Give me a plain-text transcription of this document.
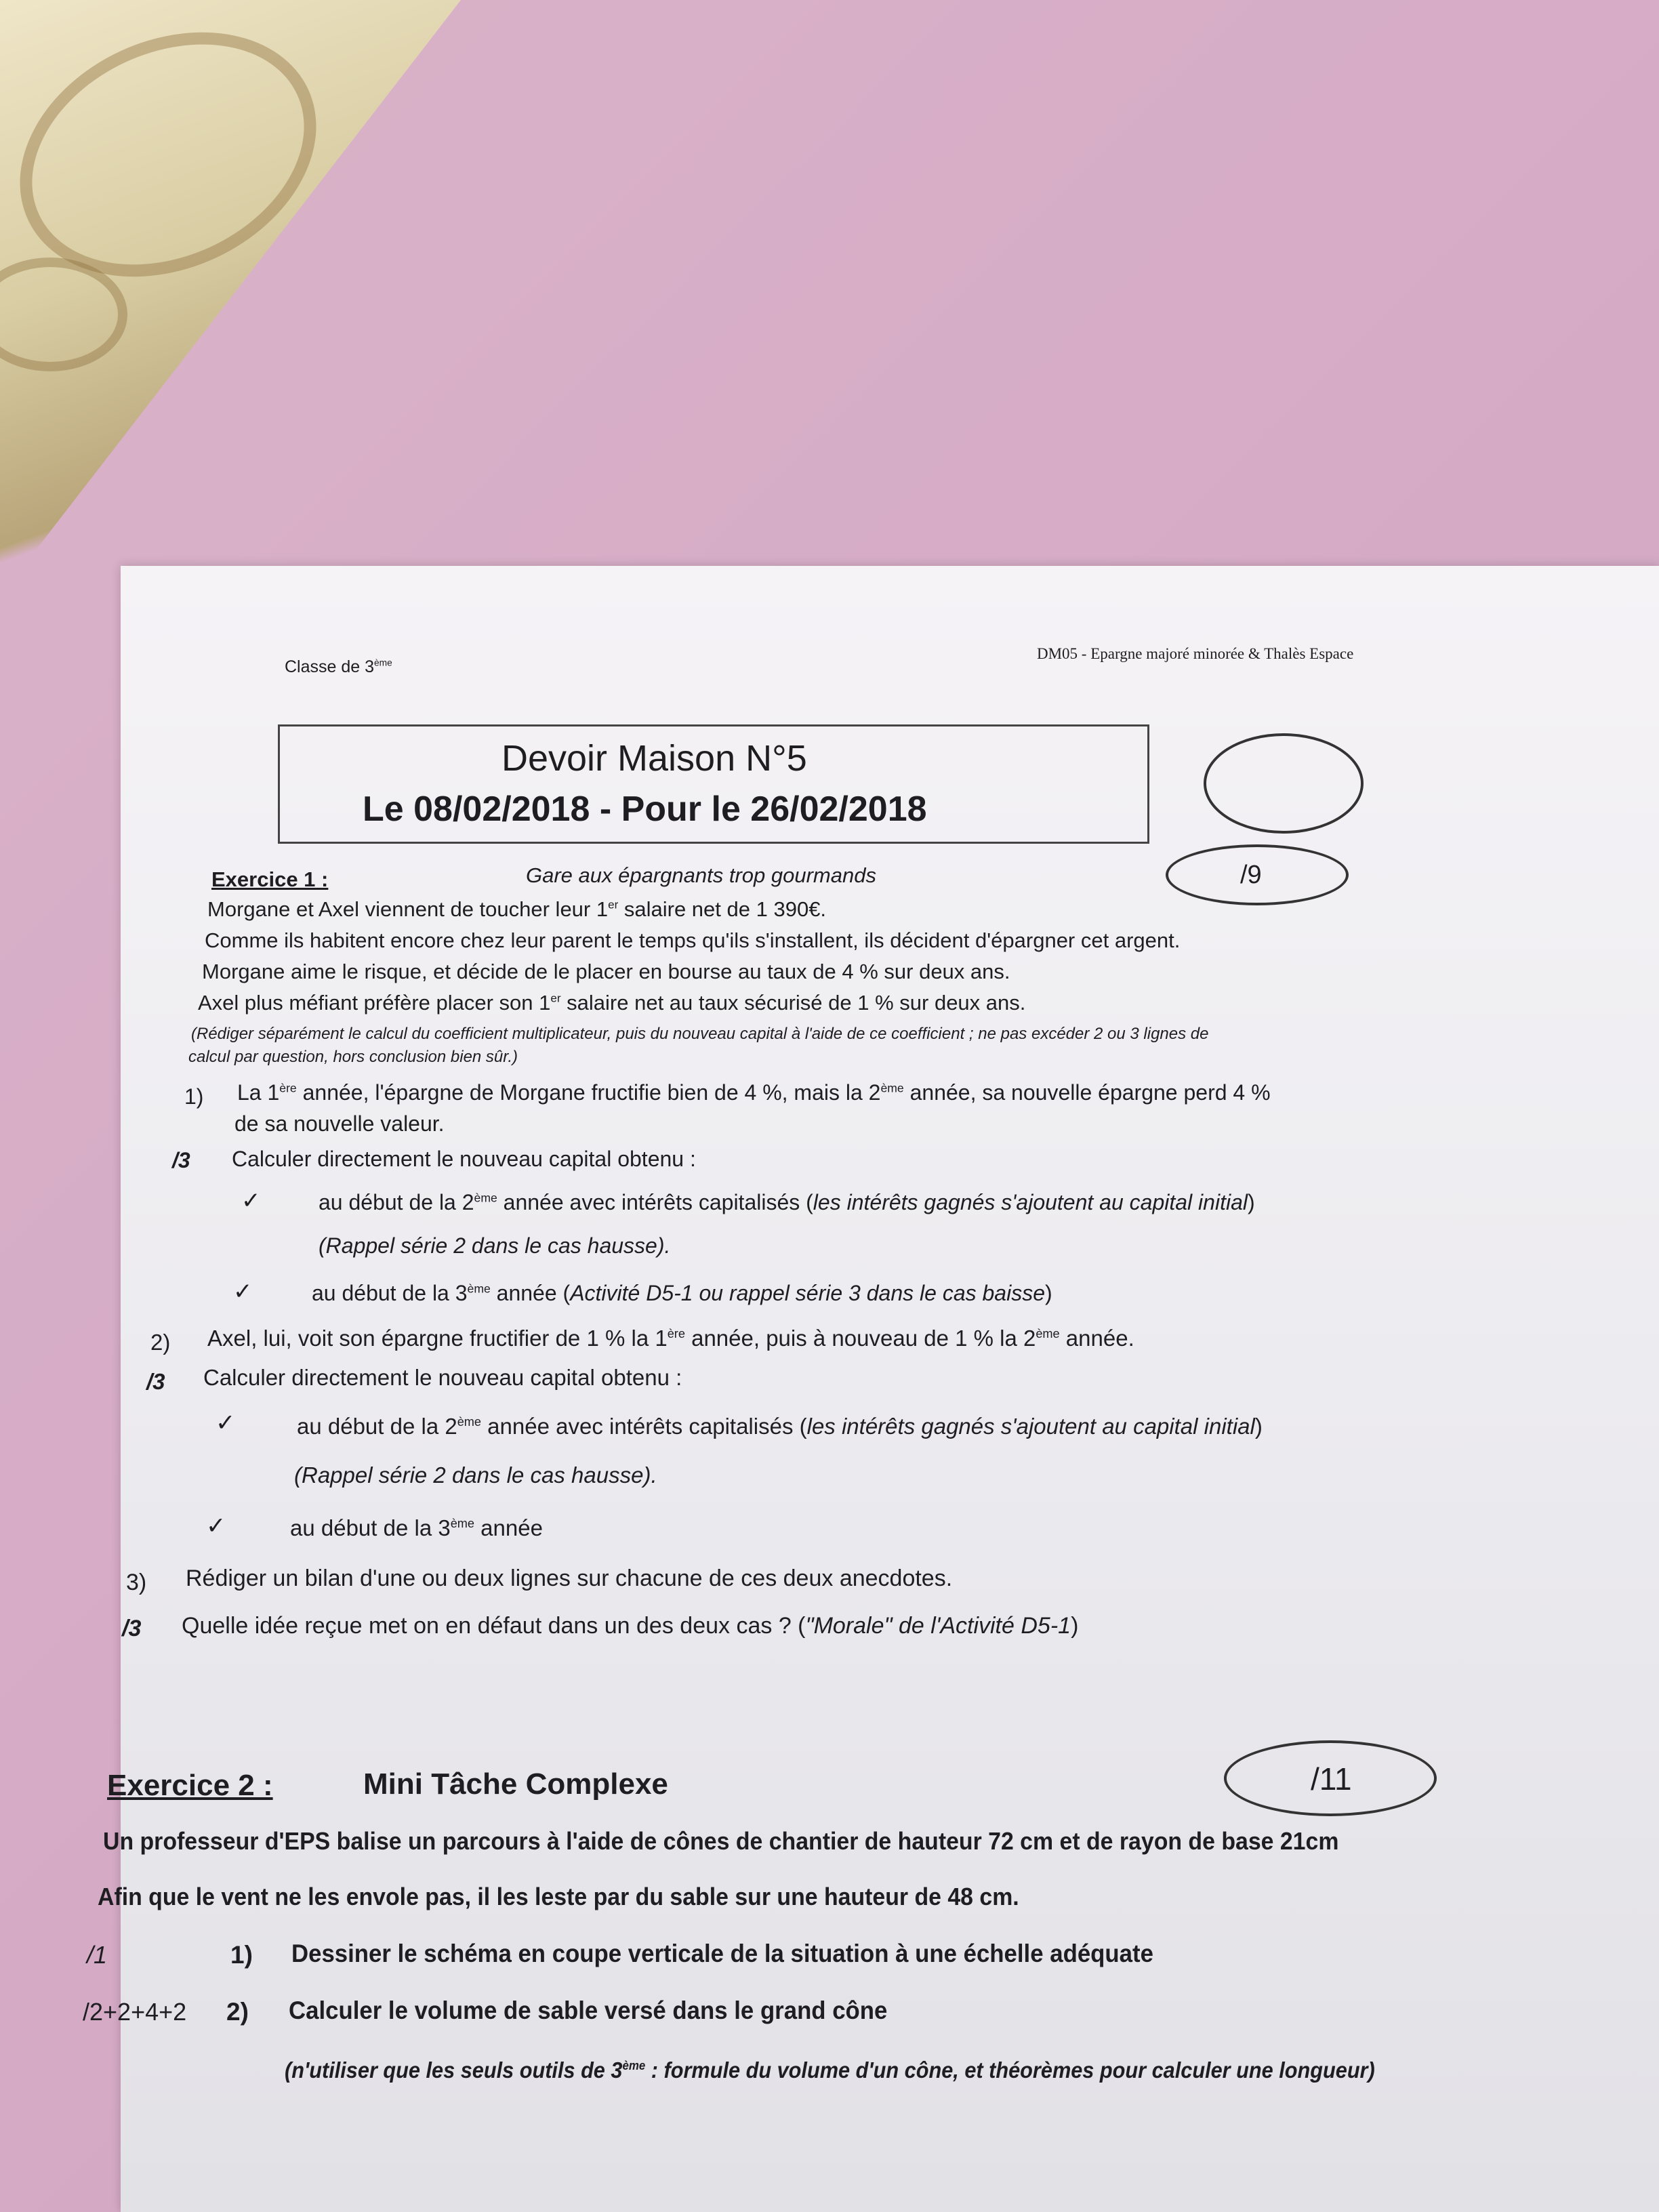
Classe de 3ème
DM05 - Epargne majoré minorée & Thalès Espace
Devoir Maison N°5
Le 08/02/2018 - Pour le 26/02/2018
Exercice 1 :	Gare aux épargnants trop gourmands	/9
Morgane et Axel viennent de toucher leur 1er salaire net de 1 390€.
Comme ils habitent encore chez leur parent le temps qu'ils s'installent, ils décident d'épargner cet argent.
Morgane aime le risque, et décide de le placer en bourse au taux de 4 % sur deux ans.
Axel plus méfiant préfère placer son 1er salaire net au taux sécurisé de 1 % sur deux ans.
(Rédiger séparément le calcul du coefficient multiplicateur, puis du nouveau capital à l'aide de ce coefficient ; ne pas excéder 2 ou 3 lignes de
calcul par question, hors conclusion bien sûr.)
1) La 1ère année, l'épargne de Morgane fructifie bien de 4 %, mais la 2ème année, sa nouvelle épargne perd 4 %
de sa nouvelle valeur.
/3 Calculer directement le nouveau capital obtenu :
✓	au début de la 2ème année avec intérêts capitalisés (les intérêts gagnés s'ajoutent au capital initial)
(Rappel série 2 dans le cas hausse).
✓	au début de la 3ème année (Activité D5-1 ou rappel série 3 dans le cas baisse)
2) Axel, lui, voit son épargne fructifier de 1 % la 1ère année, puis à nouveau de 1 % la 2ème année.
/3 Calculer directement le nouveau capital obtenu :
✓	au début de la 2ème année avec intérêts capitalisés (les intérêts gagnés s'ajoutent au capital initial)
(Rappel série 2 dans le cas hausse).
✓	au début de la 3ème année
3) Rédiger un bilan d'une ou deux lignes sur chacune de ces deux anecdotes.
/3 Quelle idée reçue met on en défaut dans un des deux cas ? ("Morale" de l'Activité D5-1)
Exercice 2 :	Mini Tâche Complexe	/11
Un professeur d'EPS balise un parcours à l'aide de cônes de chantier de hauteur 72 cm et de rayon de base 21cm
Afin que le vent ne les envole pas, il les leste par du sable sur une hauteur de 48 cm.
/1	1) Dessiner le schéma en coupe verticale de la situation à une échelle adéquate
/2+2+4+2 2) Calculer le volume de sable versé dans le grand cône
(n'utiliser que les seuls outils de 3ème : formule du volume d'un cône, et théorèmes pour calculer une longueur)
